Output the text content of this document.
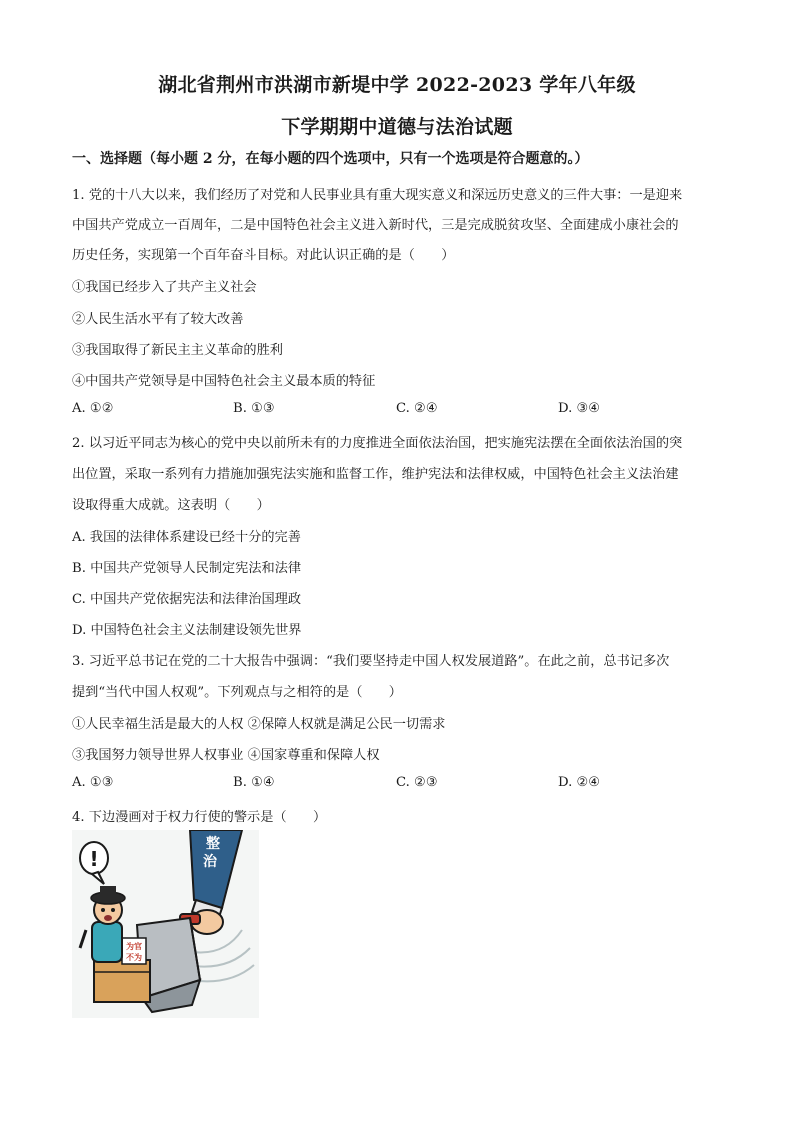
湖北省荆州市洪湖市新堤中学 2022-2023 学年八年级
下学期期中道德与法治试题
一、选择题（每小题 2 分，在每小题的四个选项中，只有一个选项是符合题意的。）
1. 党的十八大以来，我们经历了对党和人民事业具有重大现实意义和深远历史意义的三件大事：一是迎来
中国共产党成立一百周年，二是中国特色社会主义进入新时代，三是完成脱贫攻坚、全面建成小康社会的
历史任务，实现第一个百年奋斗目标。对此认识正确的是（　　）
①我国已经步入了共产主义社会
②人民生活水平有了较大改善
③我国取得了新民主主义革命的胜利
④中国共产党领导是中国特色社会主义最本质的特征
A. ①②	B. ①③	C. ②④	D. ③④
2. 以习近平同志为核心的党中央以前所未有的力度推进全面依法治国，把实施宪法摆在全面依法治国的突
出位置，采取一系列有力措施加强宪法实施和监督工作，维护宪法和法律权威，中国特色社会主义法治建
设取得重大成就。这表明（　　）
A. 我国的法律体系建设已经十分的完善
B. 中国共产党领导人民制定宪法和法律
C. 中国共产党依据宪法和法律治国理政
D. 中国特色社会主义法制建设领先世界
3. 习近平总书记在党的二十大报告中强调：“我们要坚持走中国人权发展道路”。在此之前，总书记多次
提到“当代中国人权观”。下列观点与之相符的是（　　）
①人民幸福生活是最大的人权 ②保障人权就是满足公民一切需求
③我国努力领导世界人权事业 ④国家尊重和保障人权
A. ①③	B. ①④	C. ②③	D. ②④
4. 下边漫画对于权力行使的警示是（　　）
整
治
为官
不为
!
